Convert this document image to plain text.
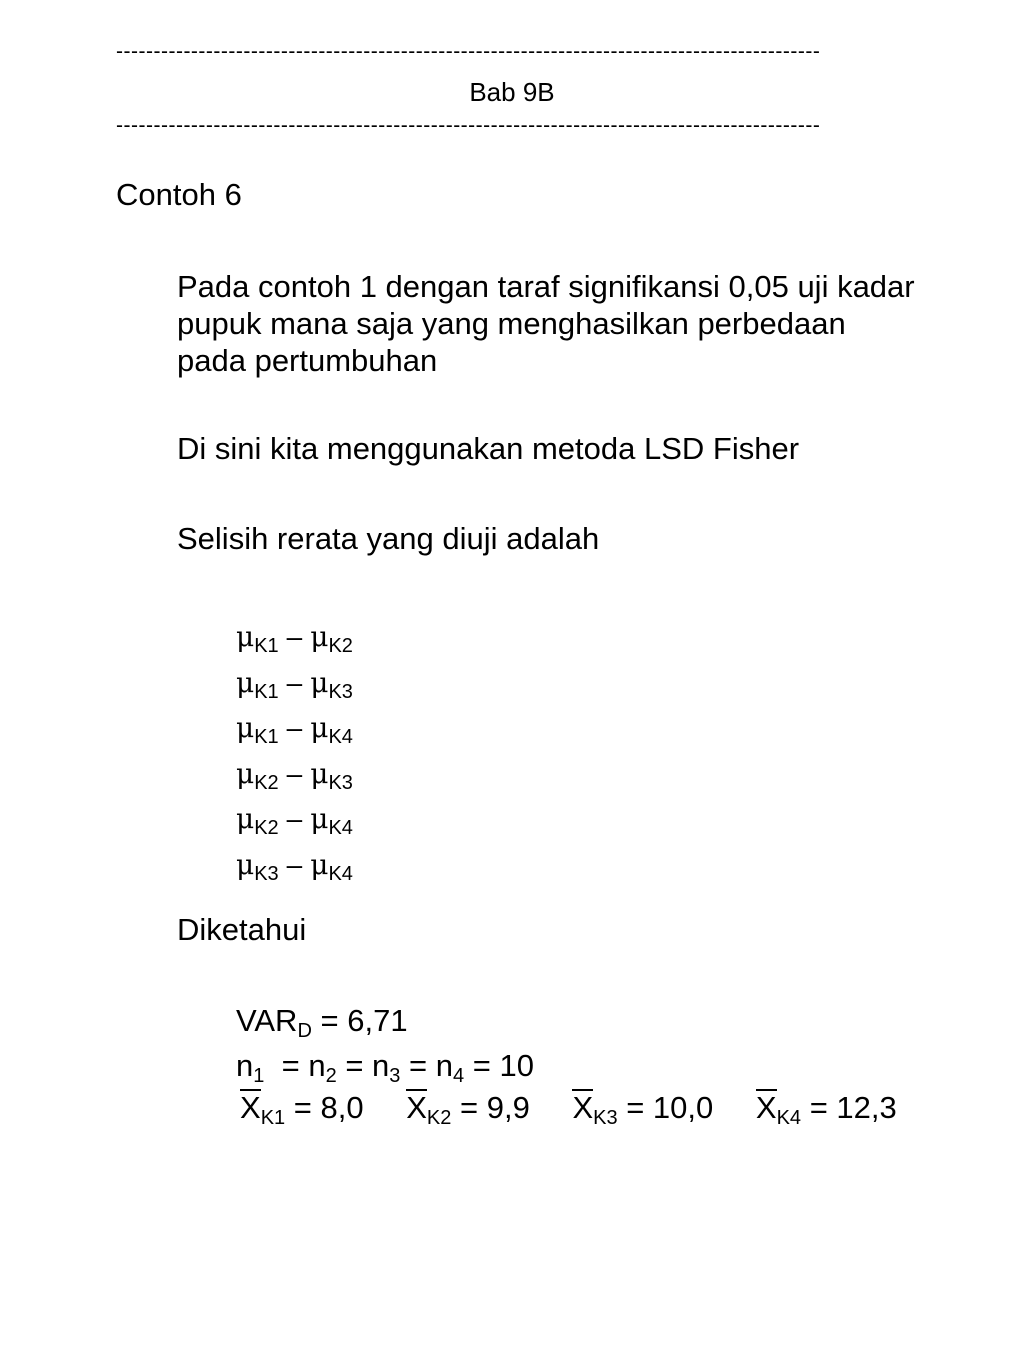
----------------------------------------------------------------------------------------------
Bab 9B
----------------------------------------------------------------------------------------------
Contoh 6

Pada contoh 1 dengan taraf signifikansi 0,05 uji kadar pupuk mana saja yang menghasilkan perbedaan pada pertumbuhan

Di sini kita menggunakan metoda LSD Fisher

Selisih rerata yang diuji adalah

$\mu_{K1} - \mu_{K2}$
$\mu_{K1} - \mu_{K3}$
$\mu_{K1} - \mu_{K4}$
$\mu_{K2} - \mu_{K3}$
$\mu_{K2} - \mu_{K4}$
$\mu_{K3} - \mu_{K4}$

Diketahui

$VAR_D = 6,71$
$n_1 = n_2 = n_3 = n_4 = 10$
$X_{K1} = 8,0$ $X_{K2} = 9,9$ $X_{K3} = 10,0$ $X_{K4} = 12,3$
